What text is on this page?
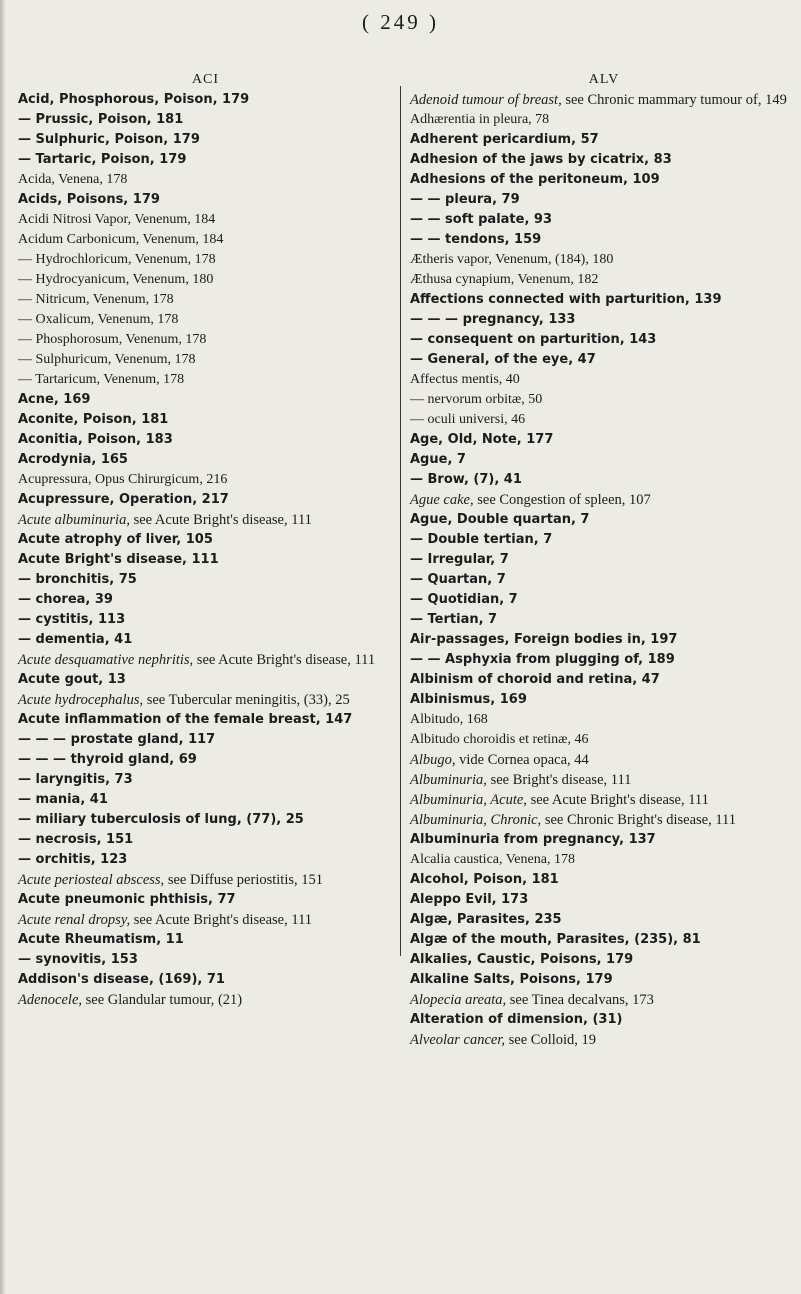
( 249 )
ACI
Acid, Phosphorous, Poison, 179
— Prussic, Poison, 181
— Sulphuric, Poison, 179
— Tartaric, Poison, 179
Acida, Venena, 178
Acids, Poisons, 179
Acidi Nitrosi Vapor, Venenum, 184
Acidum Carbonicum, Venenum, 184
— Hydrochloricum, Venenum, 178
— Hydrocyanicum, Venenum, 180
— Nitricum, Venenum, 178
— Oxalicum, Venenum, 178
— Phosphorosum, Venenum, 178
— Sulphuricum, Venenum, 178
— Tartaricum, Venenum, 178
Acne, 169
Aconite, Poison, 181
Aconitia, Poison, 183
Acrodynia, 165
Acupressura, Opus Chirurgicum, 216
Acupressure, Operation, 217
Acute albuminuria, see Acute Bright's disease, 111
Acute atrophy of liver, 105
Acute Bright's disease, 111
— bronchitis, 75
— chorea, 39
— cystitis, 113
— dementia, 41
Acute desquamative nephritis, see Acute Bright's disease, 111
Acute gout, 13
Acute hydrocephalus, see Tubercular meningitis, (33), 25
Acute inflammation of the female breast, 147
— — — prostate gland, 117
— — — thyroid gland, 69
— laryngitis, 73
— mania, 41
— miliary tuberculosis of lung, (77), 25
— necrosis, 151
— orchitis, 123
Acute periosteal abscess, see Diffuse periostitis, 151
Acute pneumonic phthisis, 77
Acute renal dropsy, see Acute Bright's disease, 111
Acute Rheumatism, 11
— synovitis, 153
Addison's disease, (169), 71
Adenocele, see Glandular tumour, (21)
ALV
Adenoid tumour of breast, see Chronic mammary tumour of, 149
Adhærentia in pleura, 78
Adherent pericardium, 57
Adhesion of the jaws by cicatrix, 83
Adhesions of the peritoneum, 109
— — pleura, 79
— — soft palate, 93
— — tendons, 159
Ætheris vapor, Venenum, (184), 180
Æthusa cynapium, Venenum, 182
Affections connected with parturition, 139
— — — pregnancy, 133
— consequent on parturition, 143
— General, of the eye, 47
Affectus mentis, 40
— nervorum orbitæ, 50
— oculi universi, 46
Age, Old, Note, 177
Ague, 7
— Brow, (7), 41
Ague cake, see Congestion of spleen, 107
Ague, Double quartan, 7
— Double tertian, 7
— Irregular, 7
— Quartan, 7
— Quotidian, 7
— Tertian, 7
Air-passages, Foreign bodies in, 197
— — Asphyxia from plugging of, 189
Albinism of choroid and retina, 47
Albinismus, 169
Albitudo, 168
Albitudo choroidis et retinæ, 46
Albugo, vide Cornea opaca, 44
Albuminuria, see Bright's disease, 111
Albuminuria, Acute, see Acute Bright's disease, 111
Albuminuria, Chronic, see Chronic Bright's disease, 111
Albuminuria from pregnancy, 137
Alcalia caustica, Venena, 178
Alcohol, Poison, 181
Aleppo Evil, 173
Algæ, Parasites, 235
Algæ of the mouth, Parasites, (235), 81
Alkalies, Caustic, Poisons, 179
Alkaline Salts, Poisons, 179
Alopecia areata, see Tinea decalvans, 173
Alteration of dimension, (31)
Alveolar cancer, see Colloid, 19
